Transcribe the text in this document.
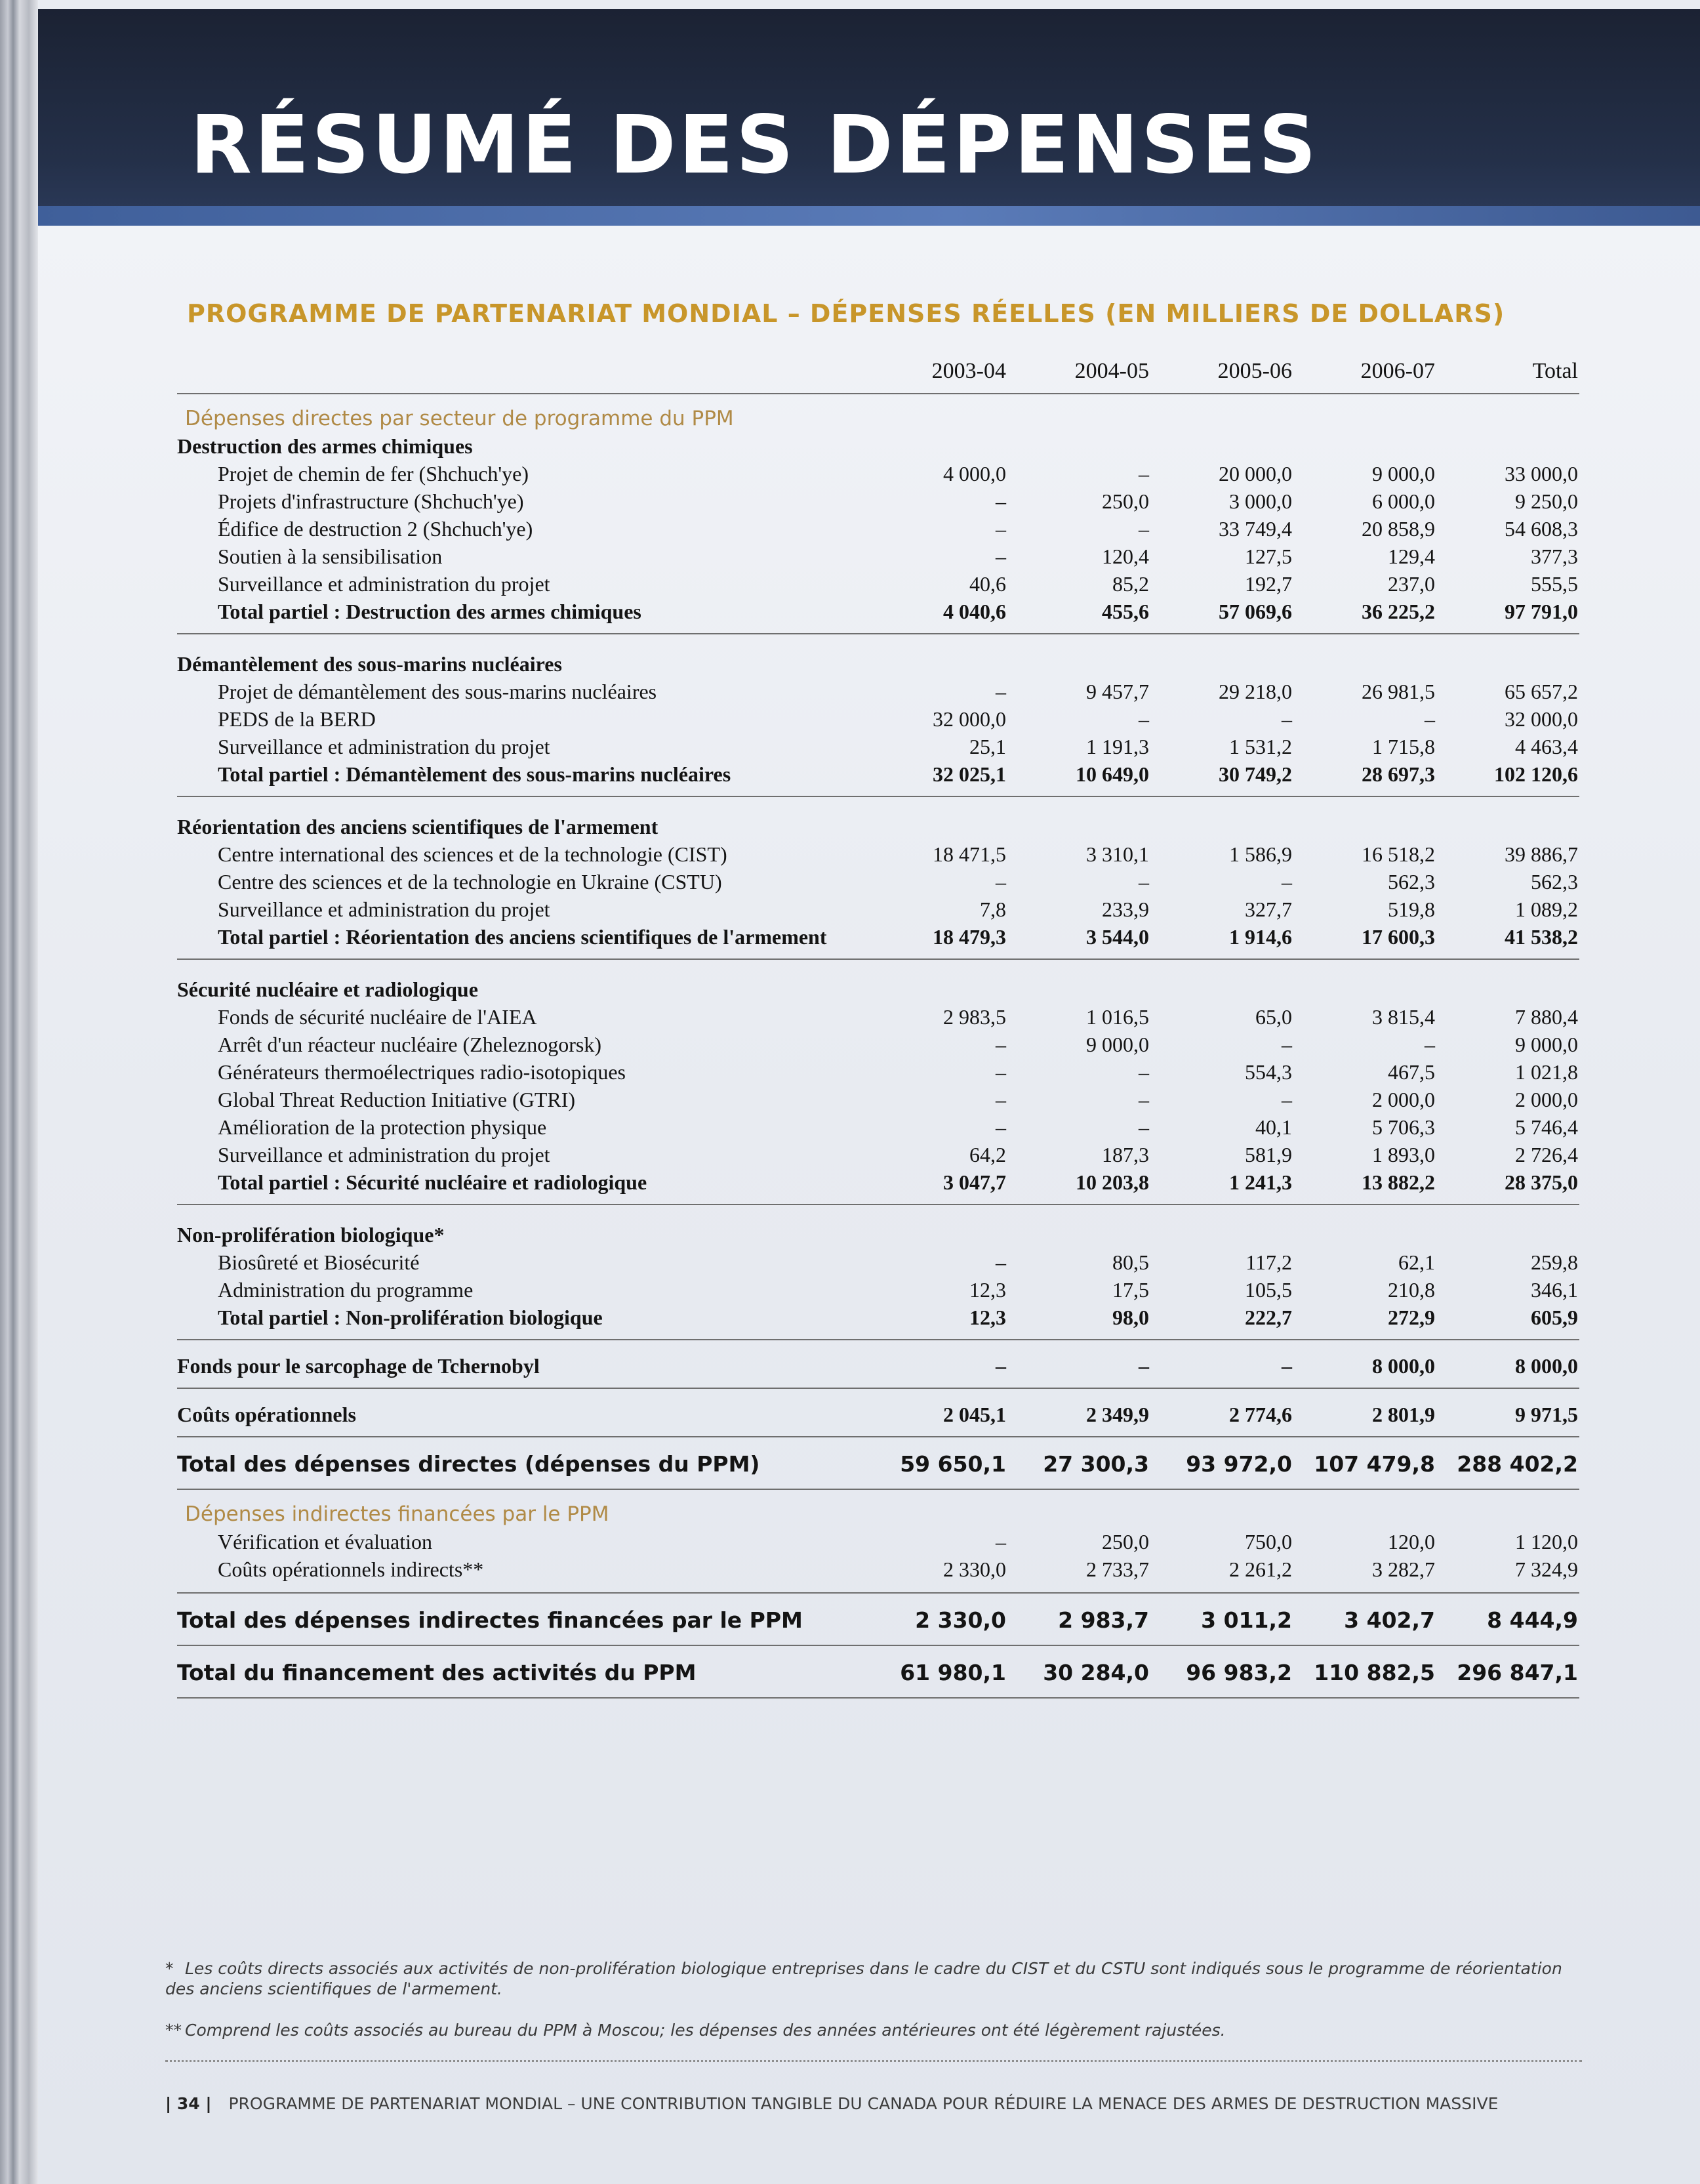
RÉSUMÉ DES DÉPENSES
PROGRAMME DE PARTENARIAT MONDIAL – DÉPENSES RÉELLES (EN MILLIERS DE DOLLARS)
	2003-04	2004-05	2005-06	2006-07	Total
Dépenses directes par secteur de programme du PPM					
Destruction des armes chimiques					
Projet de chemin de fer (Shchuch'ye)	4 000,0	–	20 000,0	9 000,0	33 000,0
Projets d'infrastructure (Shchuch'ye)	–	250,0	3 000,0	6 000,0	9 250,0
Édifice de destruction 2 (Shchuch'ye)	–	–	33 749,4	20 858,9	54 608,3
Soutien à la sensibilisation	–	120,4	127,5	129,4	377,3
Surveillance et administration du projet	40,6	85,2	192,7	237,0	555,5
Total partiel : Destruction des armes chimiques	4 040,6	455,6	57 069,6	36 225,2	97 791,0

Démantèlement des sous-marins nucléaires					
Projet de démantèlement des sous-marins nucléaires	–	9 457,7	29 218,0	26 981,5	65 657,2
PEDS de la BERD	32 000,0	–	–	–	32 000,0
Surveillance et administration du projet	25,1	1 191,3	1 531,2	1 715,8	4 463,4
Total partiel : Démantèlement des sous-marins nucléaires	32 025,1	10 649,0	30 749,2	28 697,3	102 120,6

Réorientation des anciens scientifiques de l'armement					
Centre international des sciences et de la technologie (CIST)	18 471,5	3 310,1	1 586,9	16 518,2	39 886,7
Centre des sciences et de la technologie en Ukraine (CSTU)	–	–	–	562,3	562,3
Surveillance et administration du projet	7,8	233,9	327,7	519,8	1 089,2
Total partiel : Réorientation des anciens scientifiques de l'armement	18 479,3	3 544,0	1 914,6	17 600,3	41 538,2

Sécurité nucléaire et radiologique					
Fonds de sécurité nucléaire de l'AIEA	2 983,5	1 016,5	65,0	3 815,4	7 880,4
Arrêt d'un réacteur nucléaire (Zheleznogorsk)	–	9 000,0	–	–	9 000,0
Générateurs thermoélectriques radio-isotopiques	–	–	554,3	467,5	1 021,8
Global Threat Reduction Initiative (GTRI)	–	–	–	2 000,0	2 000,0
Amélioration de la protection physique	–	–	40,1	5 706,3	5 746,4
Surveillance et administration du projet	64,2	187,3	581,9	1 893,0	2 726,4
Total partiel : Sécurité nucléaire et radiologique	3 047,7	10 203,8	1 241,3	13 882,2	28 375,0

Non-prolifération biologique*					
Biosûreté et Biosécurité	–	80,5	117,2	62,1	259,8
Administration du programme	12,3	17,5	105,5	210,8	346,1
Total partiel : Non-prolifération biologique	12,3	98,0	222,7	272,9	605,9
Fonds pour le sarcophage de Tchernobyl	–	–	–	8 000,0	8 000,0
Coûts opérationnels	2 045,1	2 349,9	2 774,6	2 801,9	9 971,5
Total des dépenses directes (dépenses du PPM)	59 650,1	27 300,3	93 972,0	107 479,8	288 402,2
Dépenses indirectes financées par le PPM					
Vérification et évaluation	–	250,0	750,0	120,0	1 120,0
Coûts opérationnels indirects**	2 330,0	2 733,7	2 261,2	3 282,7	7 324,9

Total des dépenses indirectes financées par le PPM	2 330,0	2 983,7	3 011,2	3 402,7	8 444,9
Total du financement des activités du PPM	61 980,1	30 284,0	96 983,2	110 882,5	296 847,1
* Les coûts directs associés aux activités de non-prolifération biologique entreprises dans le cadre du CIST et du CSTU sont indiqués sous le programme de réorientation des anciens scientifiques de l'armement.
** Comprend les coûts associés au bureau du PPM à Moscou; les dépenses des années antérieures ont été légèrement rajustées.
| 34 | PROGRAMME DE PARTENARIAT MONDIAL – UNE CONTRIBUTION TANGIBLE DU CANADA POUR RÉDUIRE LA MENACE DES ARMES DE DESTRUCTION MASSIVE
